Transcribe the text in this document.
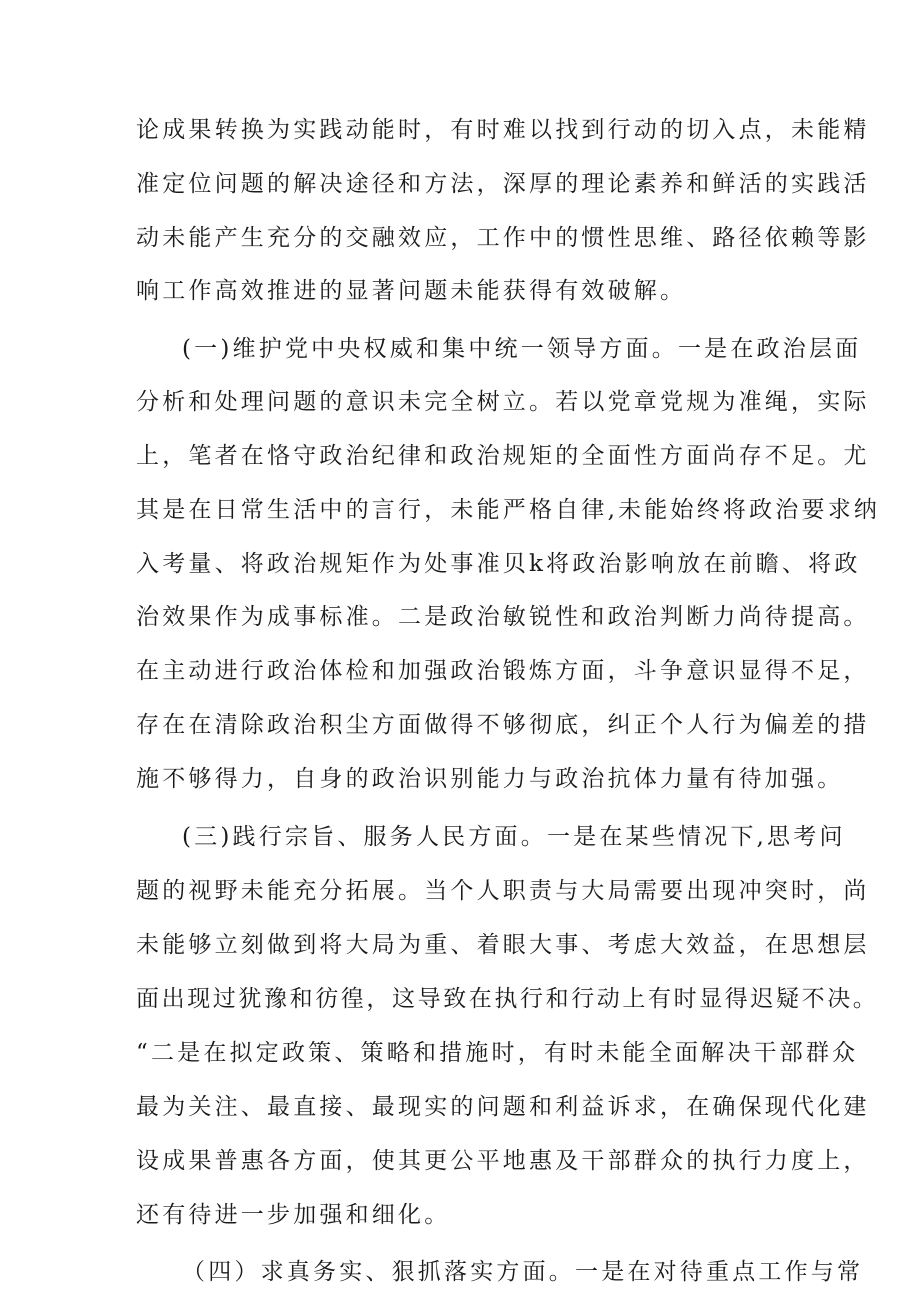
论成果转换为实践动能时，有时难以找到行动的切入点，未能精
准定位问题的解决途径和方法，深厚的理论素养和鲜活的实践活
动未能产生充分的交融效应，工作中的惯性思维、路径依赖等影
响工作高效推进的显著问题未能获得有效破解。
(一)维护党中央权威和集中统一领导方面。一是在政治层面
分析和处理问题的意识未完全树立。若以党章党规为准绳，实际
上，笔者在恪守政治纪律和政治规矩的全面性方面尚存不足。尤
其是在日常生活中的言行，未能严格自律,未能始终将政治要求纳
入考量、将政治规矩作为处事准贝k将政治影响放在前瞻、将政
治效果作为成事标准。二是政治敏锐性和政治判断力尚待提高。
在主动进行政治体检和加强政治锻炼方面，斗争意识显得不足，
存在在清除政治积尘方面做得不够彻底，纠正个人行为偏差的措
施不够得力，自身的政治识别能力与政治抗体力量有待加强。
(三)践行宗旨、服务人民方面。一是在某些情况下,思考问
题的视野未能充分拓展。当个人职责与大局需要出现冲突时，尚
未能够立刻做到将大局为重、着眼大事、考虑大效益，在思想层
面出现过犹豫和彷徨，这导致在执行和行动上有时显得迟疑不决。
“二是在拟定政策、策略和措施时，有时未能全面解决干部群众
最为关注、最直接、最现实的问题和利益诉求，在确保现代化建
设成果普惠各方面，使其更公平地惠及干部群众的执行力度上，
还有待进一步加强和细化。
（四）求真务实、狠抓落实方面。一是在对待重点工作与常
